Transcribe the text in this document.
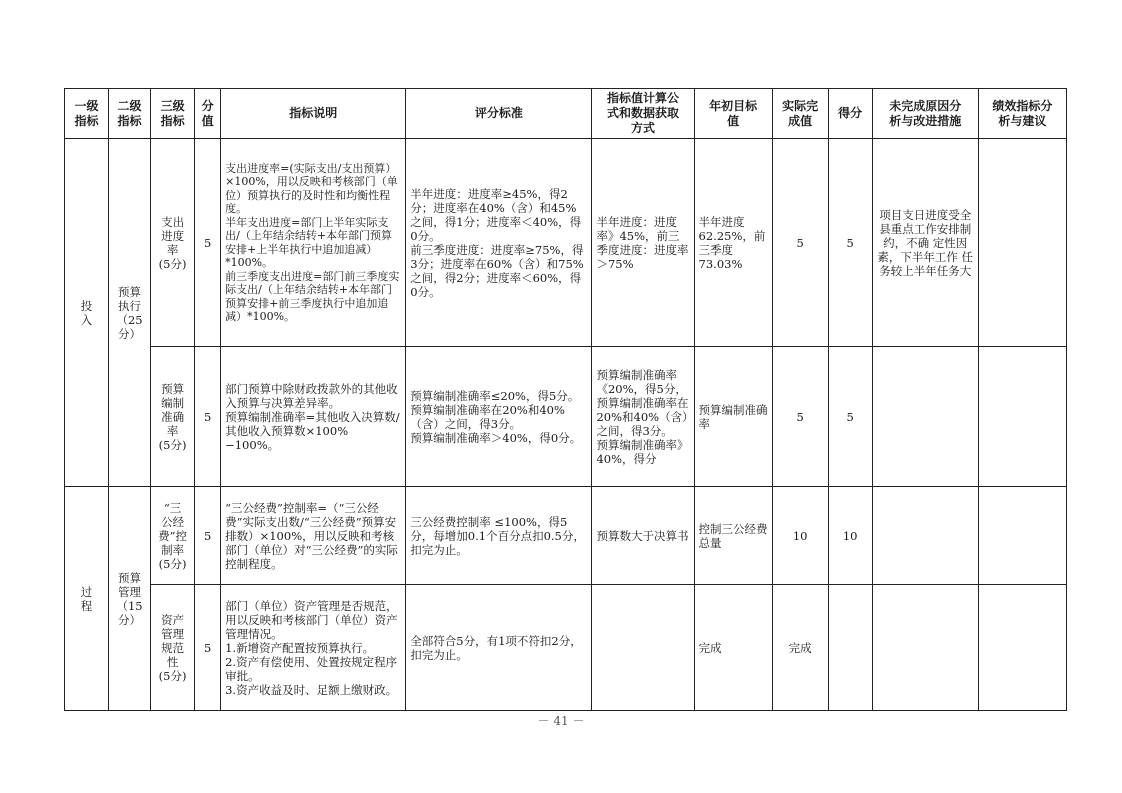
一级
指标	二级
指标	三级
指标	分
值	指标说明	评分标准	指标值计算公
式和数据获取
方式	年初目标
值	实际完
成值	得分	未完成原因分
析与改进措施	绩效指标分
析与建议
投
入	预算
执行
（25
分）	支出
进度
率
(5分)	5	支出进度率=(实际支出/支出预算）×100%，用以反映和考核部门（单位）预算执行的及时性和均衡性程度。
半年支出进度=部门上半年实际支出/（上年结余结转+本年部门预算安排+上半年执行中追加追减）*100%。
前三季度支出进度=部门前三季度实际支出/（上年结余结转+本年部门预算安排+前三季度执行中追加追减）*100%。	半年进度：进度率≥45%，得2分；进度率在40%（含）和45%之间，得1分；进度率＜40%，得0分。
前三季度进度：进度率≥75%，得3分；进度率在60%（含）和75%之间，得2分；进度率＜60%，得0分。	半年进度：进度率》45%，前三季度进度：进度率＞75%	半年进度
62.25%，前三季度
73.03%	5	5	项目支日进度受全县重点工作安排制约，不确 定性因素，下半年工作 任务较上半年任务大	
		预算
编制
准确
率
(5分)	5	部门预算中除财政拨款外的其他收入预算与决算差异率。
预算编制准确率=其他收入决算数/其他收入预算数×100%−100%。	预算编制准确率≤20%，得5分。
预算编制准确率在20%和40%（含）之间，得3分。
预算编制准确率＞40%，得0分。	预算编制准确率《20%，得5分，预算编制准确率在20%和40%（含）之间，得3分。
预算编制准确率》40%，得分	预算编制准确率	5	5		
过
程	预算
管理
（15
分）	“三
公经
费”控
制率
(5分)	5	“三公经费”控制率=（“三公经费”实际支出数/“三公经费”预算安排数）×100%，用以反映和考核部门（单位）对“三公经费”的实际控制程度。	三公经费控制率 ≤100%，得5分，每增加0.1个百分点扣0.5分，扣完为止。	预算数大于决算书	控制三公经费总量	10	10		
		资产
管理
规范
性
(5分)	5	部门（单位）资产管理是否规范，用以反映和考核部门（单位）资产管理情况。
1.新增资产配置按预算执行。
2.资产有偿使用、处置按规定程序审批。
3.资产收益及时、足额上缴财政。	全部符合5分，有1项不符扣2分，扣完为止。		完成	完成			
－ 41 －
